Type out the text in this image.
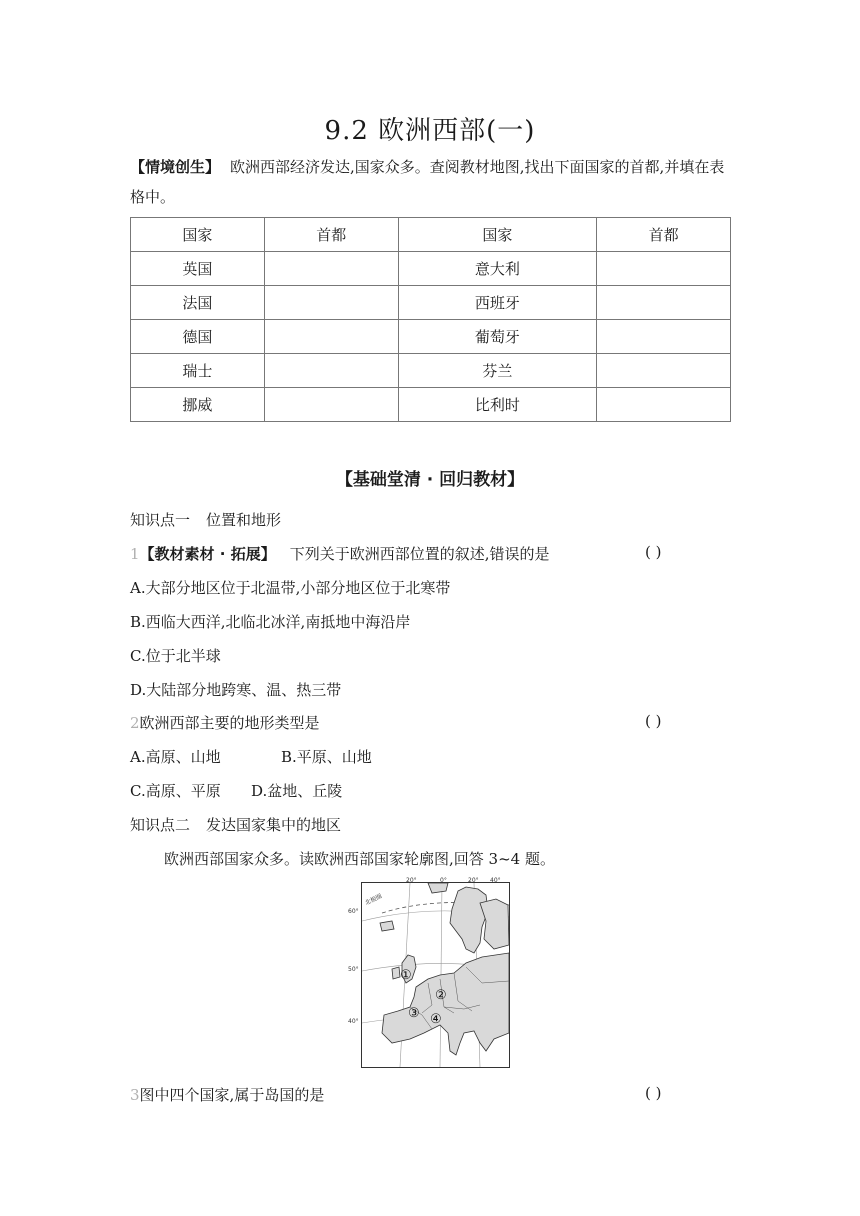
9.2 欧洲西部(一)
【情境创生】 欧洲西部经济发达,国家众多。查阅教材地图,找出下面国家的首都,并填在表格中。
国家	首都	国家	首都
英国		意大利	
法国		西班牙	
德国		葡萄牙	
瑞士		芬兰	
挪威		比利时	
【基础堂清 · 回归教材】
知识点一 位置和地形
1【教材素材 · 拓展】 下列关于欧洲西部位置的叙述,错误的是	( )
A.大部分地区位于北温带,小部分地区位于北寒带
B.西临大西洋,北临北冰洋,南抵地中海沿岸
C.位于北半球
D.大陆部分地跨寒、温、热三带
2欧洲西部主要的地形类型是	( )
A.高原、山地	B.平原、山地
C.高原、平原 D.盆地、丘陵
知识点二 发达国家集中的地区
欧洲西部国家众多。读欧洲西部国家轮廓图,回答 3~4 题。
①
②
③ ④
20°	0°	20° 40°
60°
50°
40°
北极圈
3图中四个国家,属于岛国的是	( )
